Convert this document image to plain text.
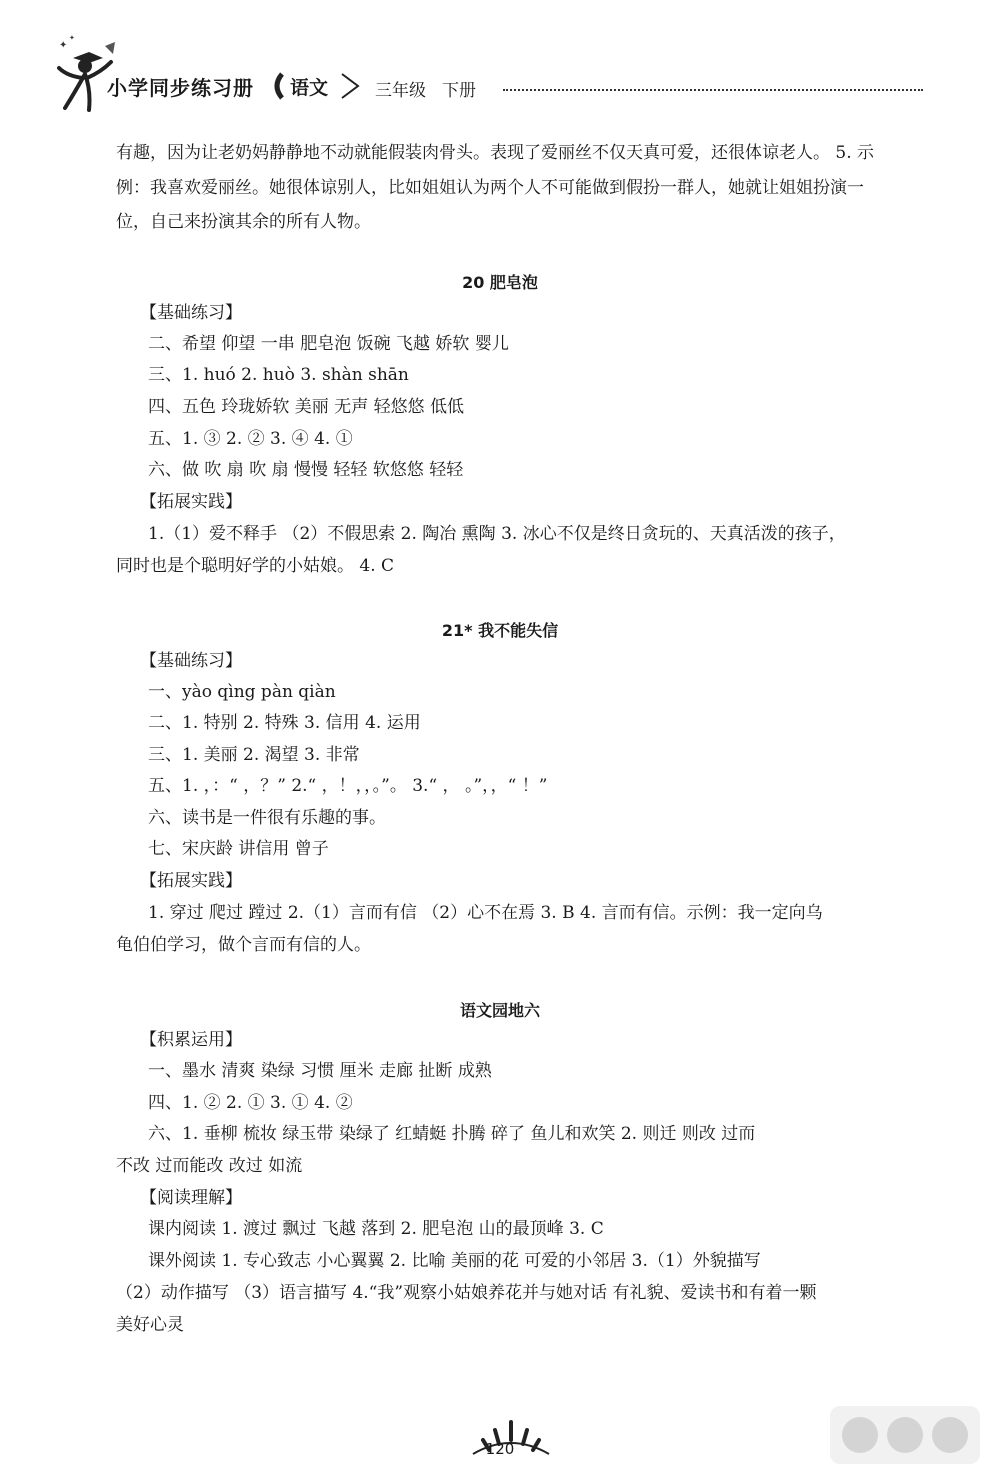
✦
✦
小学同步练习册 语文	三年级 下册
有趣，因为让老奶妈静静地不动就能假装肉骨头。表现了爱丽丝不仅天真可爱，还很体谅老人。 5. 示
例：我喜欢爱丽丝。她很体谅别人，比如姐姐认为两个人不可能做到假扮一群人，她就让姐姐扮演一
位，自己来扮演其余的所有人物。
20 肥皂泡
【基础练习】
二、希望 仰望 一串 肥皂泡 饭碗 飞越 娇软 婴儿
三、1. huó 2. huò 3. shàn shān
四、五色 玲珑娇软 美丽 无声 轻悠悠 低低
五、1. ③ 2. ② 3. ④ 4. ①
六、做 吹 扇 吹 扇 慢慢 轻轻 软悠悠 轻轻
【拓展实践】
1.（1）爱不释手 （2）不假思索 2. 陶冶 熏陶 3. 冰心不仅是终日贪玩的、天真活泼的孩子，
同时也是个聪明好学的小姑娘。 4. C
21* 我不能失信
【基础练习】
一、yào qìng pàn qiàn
二、1. 特别 2. 特殊 3. 信用 4. 运用
三、1. 美丽 2. 渴望 3. 非常
五、1. ，：“ ，？” 2.“ ，！，，。”。 3.“ ， 。”，，“ ！”
六、读书是一件很有乐趣的事。
七、宋庆龄 讲信用 曾子
【拓展实践】
1. 穿过 爬过 蹚过 2.（1）言而有信 （2）心不在焉 3. B 4. 言而有信。示例：我一定向乌
龟伯伯学习，做个言而有信的人。
语文园地六
【积累运用】
一、墨水 清爽 染绿 习惯 厘米 走廊 扯断 成熟
四、1. ② 2. ① 3. ① 4. ②
六、1. 垂柳 梳妆 绿玉带 染绿了 红蜻蜓 扑腾 碎了 鱼儿和欢笑 2. 则迁 则改 过而
不改 过而能改 改过 如流
【阅读理解】
课内阅读 1. 渡过 飘过 飞越 落到 2. 肥皂泡 山的最顶峰 3. C
课外阅读 1. 专心致志 小心翼翼 2. 比喻 美丽的花 可爱的小邻居 3.（1）外貌描写
（2）动作描写 （3）语言描写 4.“我”观察小姑娘养花并与她对话 有礼貌、爱读书和有着一颗
美好心灵
120
